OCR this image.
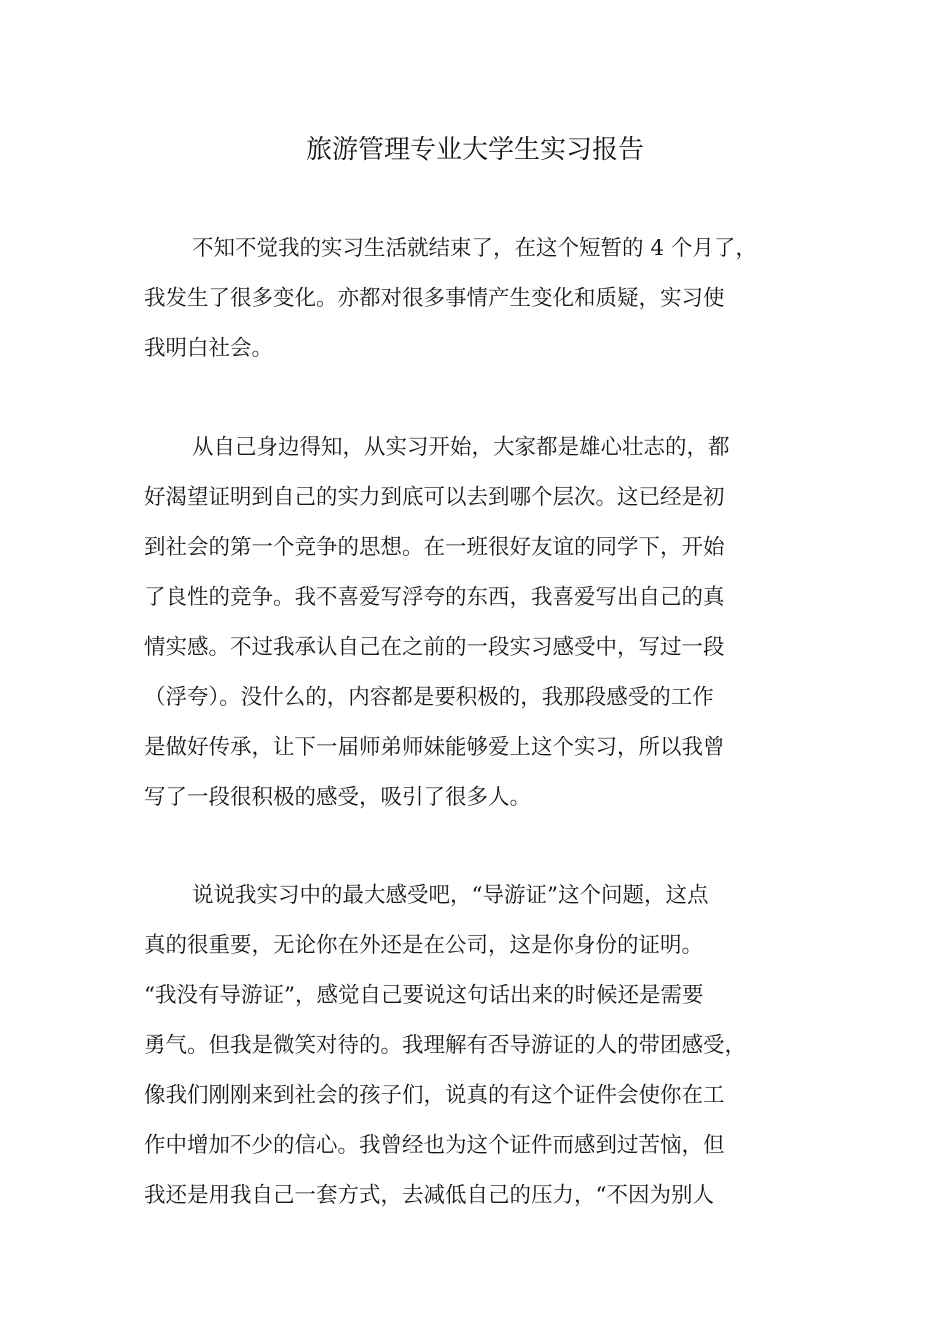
旅游管理专业大学生实习报告
不知不觉我的实习生活就结束了，在这个短暂的 4 个月了，
我发生了很多变化。亦都对很多事情产生变化和质疑，实习使
我明白社会。
从自己身边得知，从实习开始，大家都是雄心壮志的，都
好渴望证明到自己的实力到底可以去到哪个层次。这已经是初
到社会的第一个竞争的思想。在一班很好友谊的同学下，开始
了良性的竞争。我不喜爱写浮夸的东西，我喜爱写出自己的真
情实感。不过我承认自己在之前的一段实习感受中，写过一段
（浮夸）。没什么的，内容都是要积极的，我那段感受的工作
是做好传承，让下一届师弟师妹能够爱上这个实习，所以我曾
写了一段很积极的感受，吸引了很多人。
说说我实习中的最大感受吧，“导游证”这个问题，这点
真的很重要，无论你在外还是在公司，这是你身份的证明。
“我没有导游证”，感觉自己要说这句话出来的时候还是需要
勇气。但我是微笑对待的。我理解有否导游证的人的带团感受，
像我们刚刚来到社会的孩子们，说真的有这个证件会使你在工
作中增加不少的信心。我曾经也为这个证件而感到过苦恼，但
我还是用我自己一套方式，去减低自己的压力，“不因为别人
